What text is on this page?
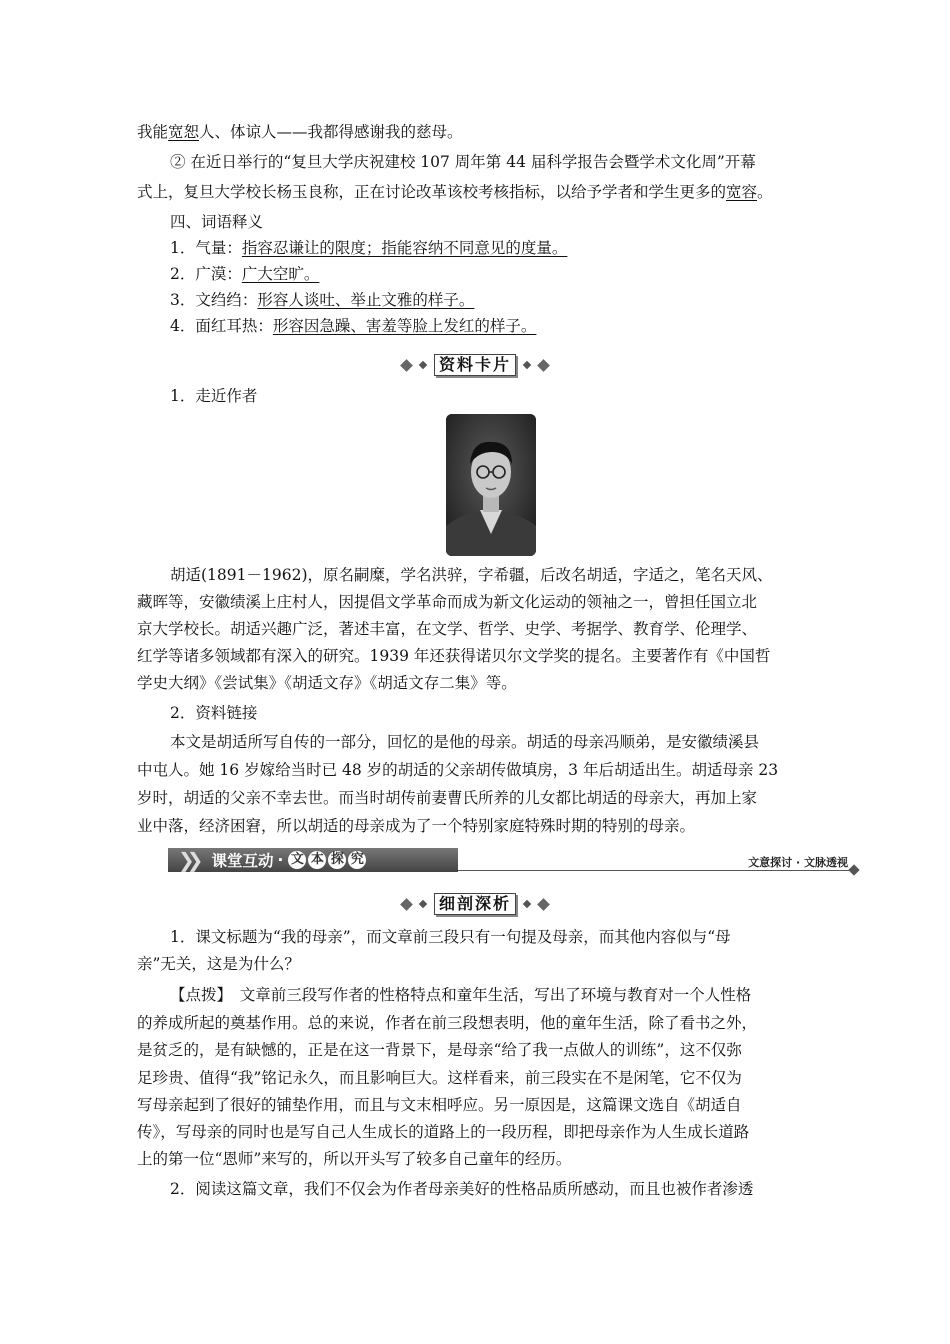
我能宽恕人、体谅人——我都得感谢我的慈母。
② 在近日举行的“复旦大学庆祝建校 107 周年第 44 届科学报告会暨学术文化周”开幕
式上，复旦大学校长杨玉良称，正在讨论改革该校考核指标，以给予学者和学生更多的宽容。
四、词语释义
1．气量：指容忍谦让的限度；指能容纳不同意见的度量。
2．广漠：广大空旷。
3．文绉绉：形容人谈吐、举止文雅的样子。
4．面红耳热：形容因急躁、害羞等脸上发红的样子。
资料卡片
1．走近作者
胡适(1891－1962)，原名嗣糜，学名洪骍，字希疆，后改名胡适，字适之，笔名天风、
藏晖等，安徽绩溪上庄村人，因提倡文学革命而成为新文化运动的领袖之一，曾担任国立北
京大学校长。胡适兴趣广泛，著述丰富，在文学、哲学、史学、考据学、教育学、伦理学、
红学等诸多领域都有深入的研究。1939 年还获得诺贝尔文学奖的提名。主要著作有《中国哲
学史大纲》《尝试集》《胡适文存》《胡适文存二集》等。
2．资料链接
本文是胡适所写自传的一部分，回忆的是他的母亲。胡适的母亲冯顺弟，是安徽绩溪县
中屯人。她 16 岁嫁给当时已 48 岁的胡适的父亲胡传做填房，3 年后胡适出生。胡适母亲 23
岁时，胡适的父亲不幸去世。而当时胡传前妻曹氏所养的儿女都比胡适的母亲大，再加上家
业中落，经济困窘，所以胡适的母亲成为了一个特别家庭特殊时期的特别的母亲。
❯❯ 课堂互动 · 文 本 探 究	文意探讨 · 文脉透视
细剖深析
1．课文标题为“我的母亲”，而文章前三段只有一句提及母亲，而其他内容似与“母
亲”无关，这是为什么？
【点拨】　文章前三段写作者的性格特点和童年生活，写出了环境与教育对一个人性格
的养成所起的奠基作用。总的来说，作者在前三段想表明，他的童年生活，除了看书之外，
是贫乏的，是有缺憾的，正是在这一背景下，是母亲“给了我一点做人的训练”，这不仅弥
足珍贵、值得“我”铭记永久，而且影响巨大。这样看来，前三段实在不是闲笔，它不仅为
写母亲起到了很好的铺垫作用，而且与文末相呼应。另一原因是，这篇课文选自《胡适自
传》，写母亲的同时也是写自己人生成长的道路上的一段历程，即把母亲作为人生成长道路
上的第一位“恩师”来写的，所以开头写了较多自己童年的经历。
2．阅读这篇文章，我们不仅会为作者母亲美好的性格品质所感动，而且也被作者渗透
